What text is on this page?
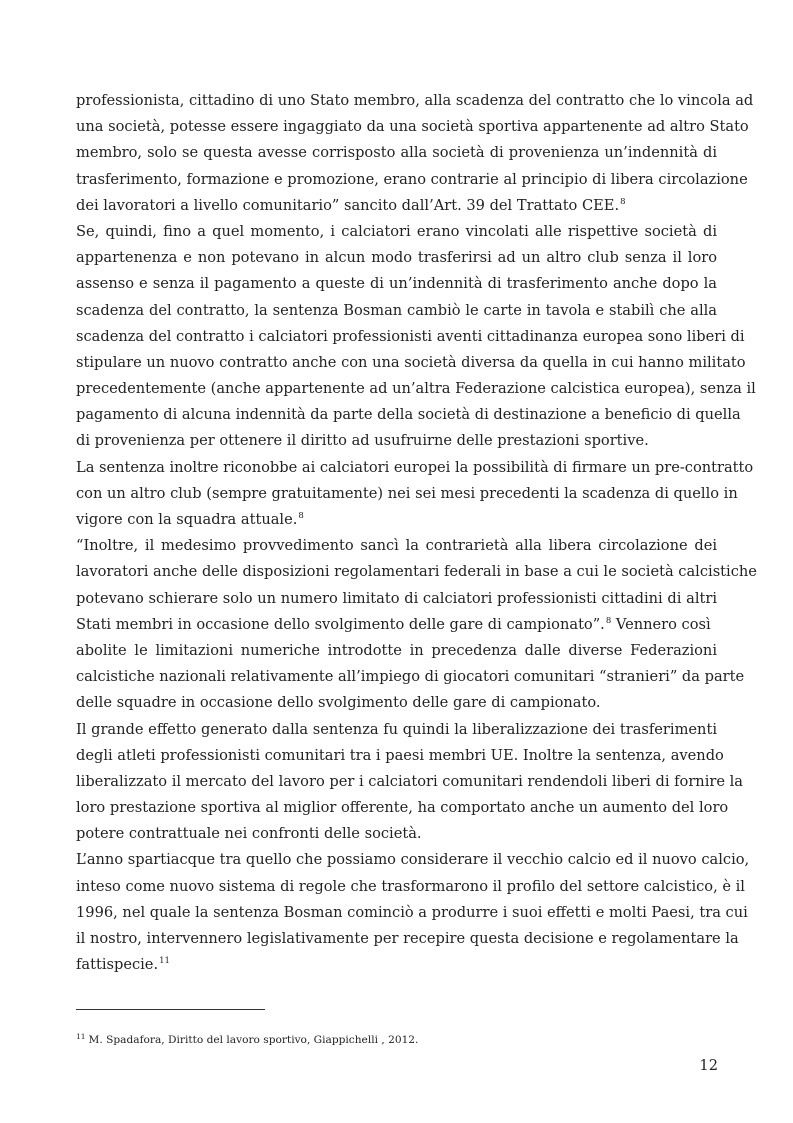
professionista, cittadino di uno Stato membro, alla scadenza del contratto che lo vincola ad
una società, potesse essere ingaggiato da una società sportiva appartenente ad altro Stato
membro, solo se questa avesse corrisposto alla società di provenienza un’indennità di
trasferimento, formazione e promozione, erano contrarie al principio di libera circolazione
dei lavoratori a livello comunitario” sancito dall’Art. 39 del Trattato CEE.$^8$
Se, quindi, fino a quel momento, i calciatori erano vincolati alle rispettive società di
appartenenza e non potevano in alcun modo trasferirsi ad un altro club senza il loro
assenso e senza il pagamento a queste di un’indennità di trasferimento anche dopo la
scadenza del contratto, la sentenza Bosman cambiò le carte in tavola e stabilì che alla
scadenza del contratto i calciatori professionisti aventi cittadinanza europea sono liberi di
stipulare un nuovo contratto anche con una società diversa da quella in cui hanno militato
precedentemente (anche appartenente ad un’altra Federazione calcistica europea), senza il
pagamento di alcuna indennità da parte della società di destinazione a beneficio di quella
di provenienza per ottenere il diritto ad usufruirne delle prestazioni sportive.
La sentenza inoltre riconobbe ai calciatori europei la possibilità di firmare un pre-contratto
con un altro club (sempre gratuitamente) nei sei mesi precedenti la scadenza di quello in
vigore con la squadra attuale.$^8$
“Inoltre, il medesimo provvedimento sancì la contrarietà alla libera circolazione dei
lavoratori anche delle disposizioni regolamentari federali in base a cui le società calcistiche
potevano schierare solo un numero limitato di calciatori professionisti cittadini di altri
Stati membri in occasione dello svolgimento delle gare di campionato”.$^8$ Vennero così
abolite le limitazioni numeriche introdotte in precedenza dalle diverse Federazioni
calcistiche nazionali relativamente all’impiego di giocatori comunitari “stranieri” da parte
delle squadre in occasione dello svolgimento delle gare di campionato.
Il grande effetto generato dalla sentenza fu quindi la liberalizzazione dei trasferimenti
degli atleti professionisti comunitari tra i paesi membri UE. Inoltre la sentenza, avendo
liberalizzato il mercato del lavoro per i calciatori comunitari rendendoli liberi di fornire la
loro prestazione sportiva al miglior offerente, ha comportato anche un aumento del loro
potere contrattuale nei confronti delle società.
L’anno spartiacque tra quello che possiamo considerare il vecchio calcio ed il nuovo calcio,
inteso come nuovo sistema di regole che trasformarono il profilo del settore calcistico, è il
1996, nel quale la sentenza Bosman cominciò a produrre i suoi effetti e molti Paesi, tra cui
il nostro, intervennero legislativamente per recepire questa decisione e regolamentare la
fattispecie.$^{11}$
$^{11}$ M. Spadafora, Diritto del lavoro sportivo, Giappichelli , 2012.
12
